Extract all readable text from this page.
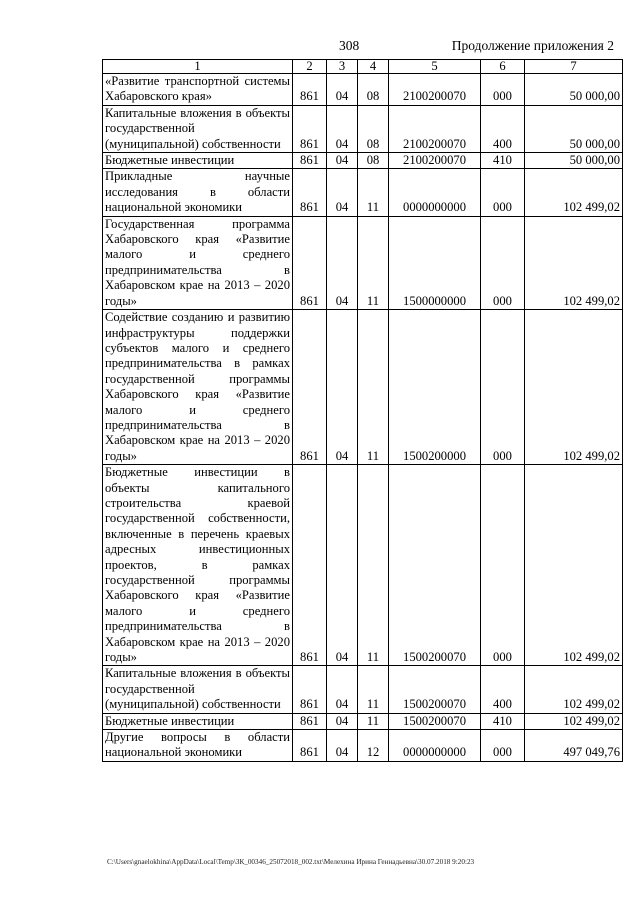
308	Продолжение приложения 2
1	2	3	4	5	6	7
«Развитие транспортной системы Хабаровского края»	861	04	08	2100200070	000	50 000,00
Капитальные вложения в объекты государственной (муниципальной) собственности	861	04	08	2100200070	400	50 000,00
Бюджетные инвестиции	861	04	08	2100200070	410	50 000,00
Прикладные научные исследования в области национальной экономики	861	04	11	0000000000	000	102 499,02
Государственная программа Хабаровского края «Развитие малого и среднего предпринимательства в Хабаровском крае на 2013 – 2020 годы»	861	04	11	1500000000	000	102 499,02
Содействие созданию и развитию инфраструктуры поддержки субъектов малого и среднего предпринимательства в рамках государственной программы Хабаровского края «Развитие малого и среднего предпринимательства в Хабаровском крае на 2013 – 2020 годы»	861	04	11	1500200000	000	102 499,02
Бюджетные инвестиции в объекты капитального строительства краевой государственной собственности, включенные в перечень краевых адресных инвестиционных проектов, в рамках государственной программы Хабаровского края «Развитие малого и среднего предпринимательства в Хабаровском крае на 2013 – 2020 годы»	861	04	11	1500200070	000	102 499,02
Капитальные вложения в объекты государственной (муниципальной) собственности	861	04	11	1500200070	400	102 499,02
Бюджетные инвестиции	861	04	11	1500200070	410	102 499,02
Другие вопросы в области национальной экономики	861	04	12	0000000000	000	497 049,76
C:\Users\gnaelokhina\AppData\Local\Temp\ЗК_00346_25072018_002.txt\Мелехина Ирина Геннадьевна\30.07.2018 9:20:23
